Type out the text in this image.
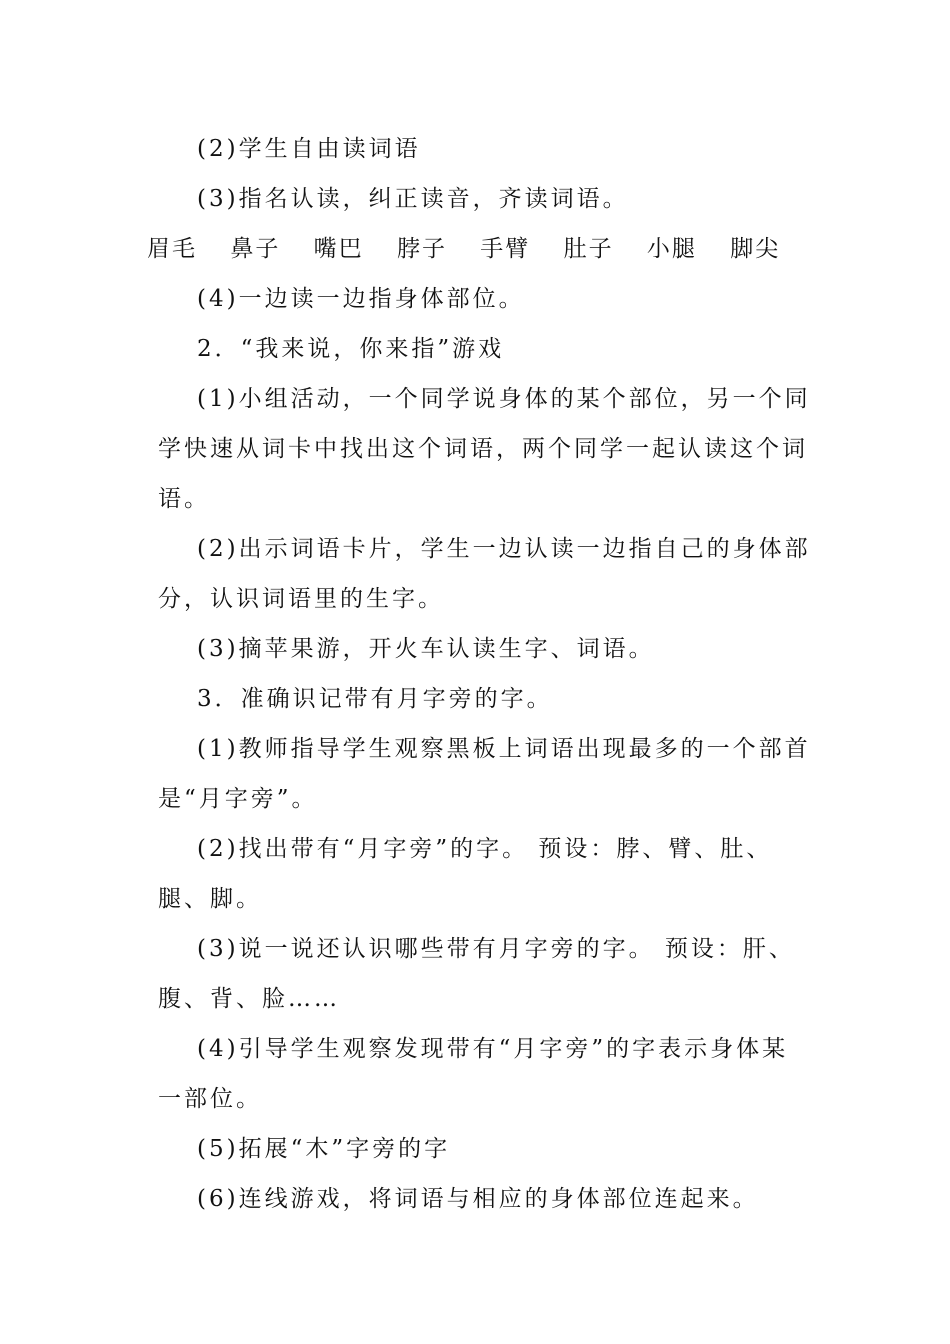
(2)学生自由读词语
(3)指名认读，纠正读音，齐读词语。
眉毛 鼻子 嘴巴 脖子 手臂 肚子 小腿 脚尖
(4)一边读一边指身体部位。
2．“我来说，你来指”游戏
(1)小组活动，一个同学说身体的某个部位，另一个同
学快速从词卡中找出这个词语，两个同学一起认读这个词
语。
(2)出示词语卡片，学生一边认读一边指自己的身体部
分，认识词语里的生字。
(3)摘苹果游，开火车认读生字、词语。
3．准确识记带有月字旁的字。
(1)教师指导学生观察黑板上词语出现最多的一个部首
是“月字旁”。
(2)找出带有“月字旁”的字。 预设：脖、臂、肚、
腿、脚。
(3)说一说还认识哪些带有月字旁的字。 预设：肝、
腹、背、脸……
(4)引导学生观察发现带有“月字旁”的字表示身体某
一部位。
(5)拓展“木”字旁的字
(6)连线游戏，将词语与相应的身体部位连起来。
